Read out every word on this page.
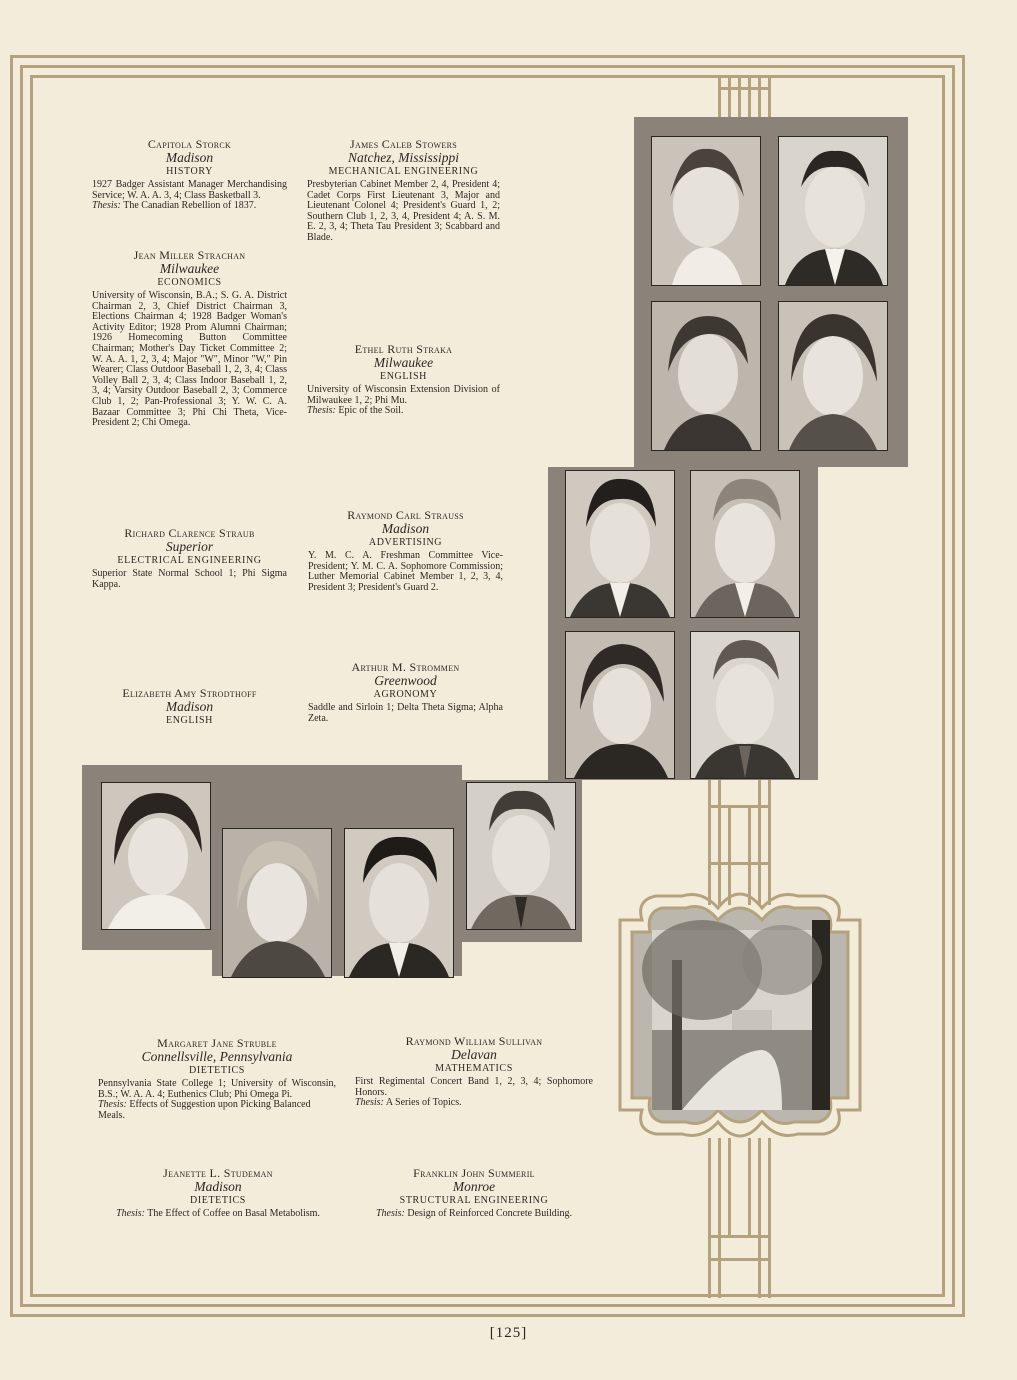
Capitola Storck
Madison
HISTORY
1927 Badger Assistant Manager Merchandising Service; W. A. A. 3, 4; Class Basketball 3.
Thesis: The Canadian Rebellion of 1837.
James Caleb Stowers
Natchez, Mississippi
MECHANICAL ENGINEERING
Presbyterian Cabinet Member 2, 4, President 4; Cadet Corps First Lieutenant 3, Major and Lieutenant Colonel 4; President's Guard 1, 2; Southern Club 1, 2, 3, 4, President 4; A. S. M. E. 2, 3, 4; Theta Tau President 3; Scabbard and Blade.
Jean Miller Strachan
Milwaukee
ECONOMICS
University of Wisconsin, B.A.; S. G. A. District Chairman 2, 3, Chief District Chairman 3, Elections Chairman 4; 1928 Badger Woman's Activity Editor; 1928 Prom Alumni Chairman; 1926 Homecoming Button Committee Chairman; Mother's Day Ticket Committee 2; W. A. A. 1, 2, 3, 4; Major "W", Minor "W," Pin Wearer; Class Outdoor Baseball 1, 2, 3, 4; Class Volley Ball 2, 3, 4; Class Indoor Baseball 1, 2, 3, 4; Varsity Outdoor Baseball 2, 3; Commerce Club 1, 2; Pan-Professional 3; Y. W. C. A. Bazaar Committee 3; Phi Chi Theta, Vice-President 2; Chi Omega.
Ethel Ruth Straka
Milwaukee
ENGLISH
University of Wisconsin Extension Division of Milwaukee 1, 2; Phi Mu.
Thesis: Epic of the Soil.
Richard Clarence Straub
Superior
ELECTRICAL ENGINEERING
Superior State Normal School 1; Phi Sigma Kappa.
Raymond Carl Strauss
Madison
ADVERTISING
Y. M. C. A. Freshman Committee Vice-President; Y. M. C. A. Sophomore Commission; Luther Memorial Cabinet Member 1, 2, 3, 4, President 3; President's Guard 2.
Arthur M. Strommen
Greenwood
AGRONOMY
Saddle and Sirloin 1; Delta Theta Sigma; Alpha Zeta.
Elizabeth Amy Strodthoff
Madison
ENGLISH
Margaret Jane Struble
Connellsville, Pennsylvania
DIETETICS
Pennsylvania State College 1; University of Wisconsin, B.S.; W. A. A. 4; Euthenics Club; Phi Omega Pi.
Thesis: Effects of Suggestion upon Picking Balanced Meals.
Raymond William Sullivan
Delavan
MATHEMATICS
First Regimental Concert Band 1, 2, 3, 4; Sophomore Honors.
Thesis: A Series of Topics.
Jeanette L. Studeman
Madison
DIETETICS
Thesis: The Effect of Coffee on Basal Metabolism.
Franklin John Summeril
Monroe
STRUCTURAL ENGINEERING
Thesis: Design of Reinforced Concrete Building.
[125]
